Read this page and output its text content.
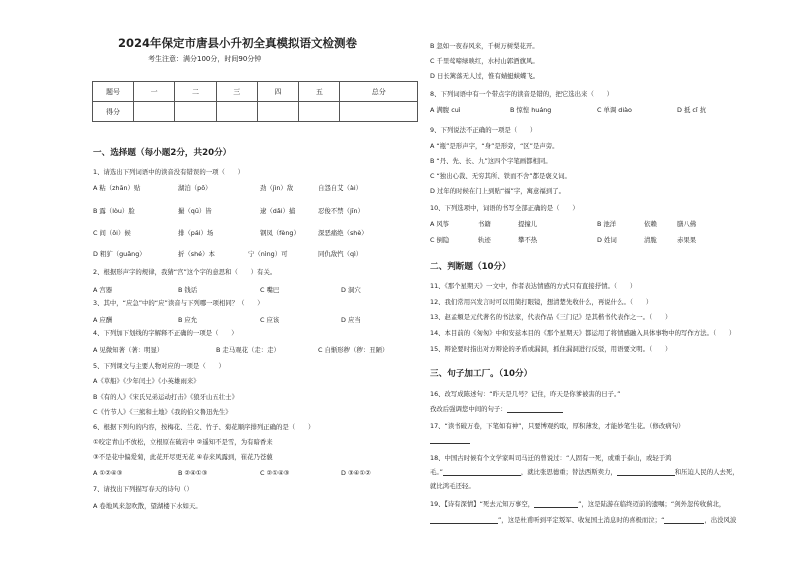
2024年保定市唐县小升初全真模拟语文检测卷
考生注意：满分100分，时间90分钟
题号	一	二	三	四	五	总分
得分						
一、选择题（每小题2分，共20分）
1、请选出下列词语中的读音没有错误的一项（　　）
A 粘（zhān）贴	湖泊（pō）	劲（jìn）敌	自怨自艾（ài）
B 露（lòu）脸	撮（qū）皆	逮（dǎi）捕	忍俊不禁（jīn）
C 间（ǒi）候	排（pái）场	钢凤（fèng）	深恶痛绝（shè）
D 粗犷（guǎng）	折（shé）本	宁（nìng）可	同仇敌忾（qì）
2、根据形声字的规律，我猜“宫”这个字的意思和（　　）有关。
A 宫器	B 钱话	C 嘴巴	D 洞穴
3、其中，“应急”中的“应”读音与下列哪一项相同？（　　）
A 应酬	B 应允	C 应该	D 应当
4、下列加下划线的字解释不正确的一项是（　　）
A 见微知著（著：明显）	B 走马观花（走：走）	C 自惭形秽（秽：丑陋）
5、下列课文与主要人物对应的一项是（　　）
A《草船》《少年闰土》《小英雄雨来》
B《有的人》《宋氏兄弟运动打击》《狼牙山五壮士》
C《竹节人》《三熊和土地》《我的伯父鲁迅先生》
6、根据下列句的内容，按梅花、兰花、竹子、菊花顺序排列正确的是（　　）
①咬定青山不放松，立根原在破岩中 ②遥知不是雪，为有暗香来
③不是花中偏爱菊，此花开尽更无花 ④春来风露到，崔花乃苍藐
A ①②④③	B ②④①③	C ②①④③	D ③④①②
7、请找出下列描写春天的诗句（）
A 卷地风来忽吹散，望湖楼下水如天。
B 忽如一夜春风来，千树万树梨花开。
C 千里莺啼绿映红，水村山郭酒旗风。
D 日长篱落无人过，惟有蜻蜓蛱蝶飞。
8、下列词语中有一个带点字的读音是错的，把它选出来（　　）
A 满腹 cuì	B 惊惶 huáng	C 单调 diào	D 抵 cǐ 抗
9、下列说法不正确的一项是（　　）
A “瓶”是形声字，“身”是形旁，“区”是声旁。
B “丹、先、长、九”这四个字笔画都相同。
C “独出心裁、无穷其所、铁而不舍”都是褒义词。
D 过年的时候在门上到贴“福”字，寓意福到了。
10、下列选项中，词语的书写全部正确的是（　　）
A 风筝	书籍	提撞儿	B 池洋	依赖	膳八佛
C 倒隐	轨迹	攀不热	D 姓词	清脆	赤果果
二、判断题（10分）
11、《那个星期天》一文中，作者表达情感的方式只有直接抒情。（　　）
12、我们常用兴发言时可以用简打眼镜，想清楚先收什么，再说什么。（　　）
13、赵孟頫是元代著名的书法家，代表作品《三门记》是其楷书代表作之一。（　　）
14、本目前的《匆匆》中和安兹本目的《那个星期天》都运用了将情感融入具体事物中的写作方法。（　　）
15、辩论要时指出对方辩论的矛盾或漏洞，抓住漏洞进行反驳，用语要文明。（　　）
三、句子加工厂。（10分）
16、改写成陈述句：“昨天是几号？记住，昨天是你爹被害的日子。”
孜改后强调您中间的句子：
17、“读书破万卷，下笔如有神”，只要博观约取，厚积薄发，才能妙笔生花。（修改病句）
18、中国古时候有个文学家叫司马迁的曾说过：“人固有一死，或重于泰山，或轻于鸿
毛。”	，就比张思德重；替法西斯卖力，	和压迫人民的人去死，
就比鸿毛还轻。
19、【诗有深情】“死去元知万事空，	”，这是陆游在临终迈前的遗嘱；“剑外忽传收蓟北，
”，这是杜甫听到平定叛军、收复国土消息时的喜极而泣；“	，出没风波
